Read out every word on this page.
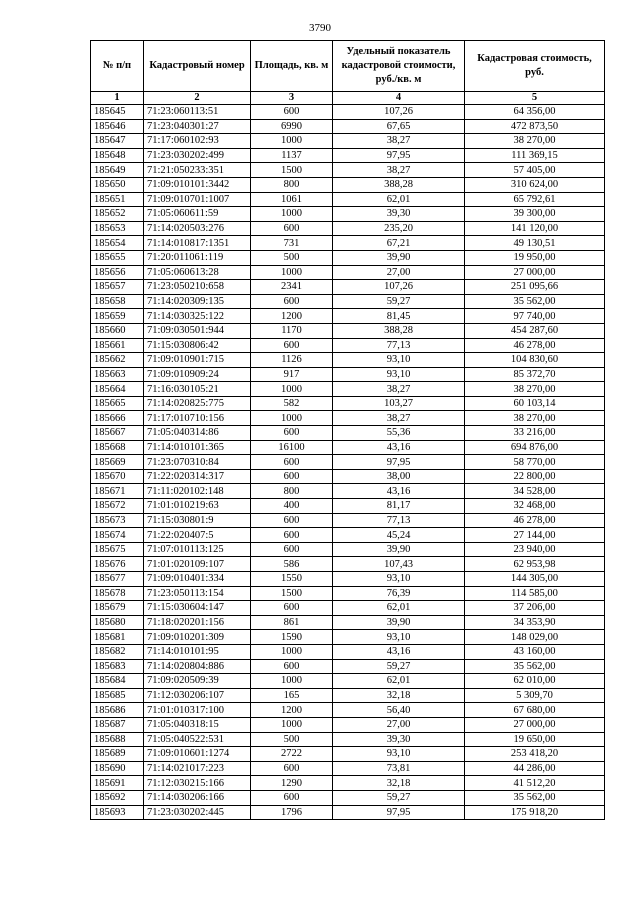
3790
№ п/п	Кадастровый номер	Площадь, кв. м	Удельный показатель кадастровой стоимости, руб./кв. м	Кадастровая стоимость, руб.
1	2	3	4	5
185645	71:23:060113:51	600	107,26	64 356,00
185646	71:23:040301:27	6990	67,65	472 873,50
185647	71:17:060102:93	1000	38,27	38 270,00
185648	71:23:030202:499	1137	97,95	111 369,15
185649	71:21:050233:351	1500	38,27	57 405,00
185650	71:09:010101:3442	800	388,28	310 624,00
185651	71:09:010701:1007	1061	62,01	65 792,61
185652	71:05:060611:59	1000	39,30	39 300,00
185653	71:14:020503:276	600	235,20	141 120,00
185654	71:14:010817:1351	731	67,21	49 130,51
185655	71:20:011061:119	500	39,90	19 950,00
185656	71:05:060613:28	1000	27,00	27 000,00
185657	71:23:050210:658	2341	107,26	251 095,66
185658	71:14:020309:135	600	59,27	35 562,00
185659	71:14:030325:122	1200	81,45	97 740,00
185660	71:09:030501:944	1170	388,28	454 287,60
185661	71:15:030806:42	600	77,13	46 278,00
185662	71:09:010901:715	1126	93,10	104 830,60
185663	71:09:010909:24	917	93,10	85 372,70
185664	71:16:030105:21	1000	38,27	38 270,00
185665	71:14:020825:775	582	103,27	60 103,14
185666	71:17:010710:156	1000	38,27	38 270,00
185667	71:05:040314:86	600	55,36	33 216,00
185668	71:14:010101:365	16100	43,16	694 876,00
185669	71:23:070310:84	600	97,95	58 770,00
185670	71:22:020314:317	600	38,00	22 800,00
185671	71:11:020102:148	800	43,16	34 528,00
185672	71:01:010219:63	400	81,17	32 468,00
185673	71:15:030801:9	600	77,13	46 278,00
185674	71:22:020407:5	600	45,24	27 144,00
185675	71:07:010113:125	600	39,90	23 940,00
185676	71:01:020109:107	586	107,43	62 953,98
185677	71:09:010401:334	1550	93,10	144 305,00
185678	71:23:050113:154	1500	76,39	114 585,00
185679	71:15:030604:147	600	62,01	37 206,00
185680	71:18:020201:156	861	39,90	34 353,90
185681	71:09:010201:309	1590	93,10	148 029,00
185682	71:14:010101:95	1000	43,16	43 160,00
185683	71:14:020804:886	600	59,27	35 562,00
185684	71:09:020509:39	1000	62,01	62 010,00
185685	71:12:030206:107	165	32,18	5 309,70
185686	71:01:010317:100	1200	56,40	67 680,00
185687	71:05:040318:15	1000	27,00	27 000,00
185688	71:05:040522:531	500	39,30	19 650,00
185689	71:09:010601:1274	2722	93,10	253 418,20
185690	71:14:021017:223	600	73,81	44 286,00
185691	71:12:030215:166	1290	32,18	41 512,20
185692	71:14:030206:166	600	59,27	35 562,00
185693	71:23:030202:445	1796	97,95	175 918,20
